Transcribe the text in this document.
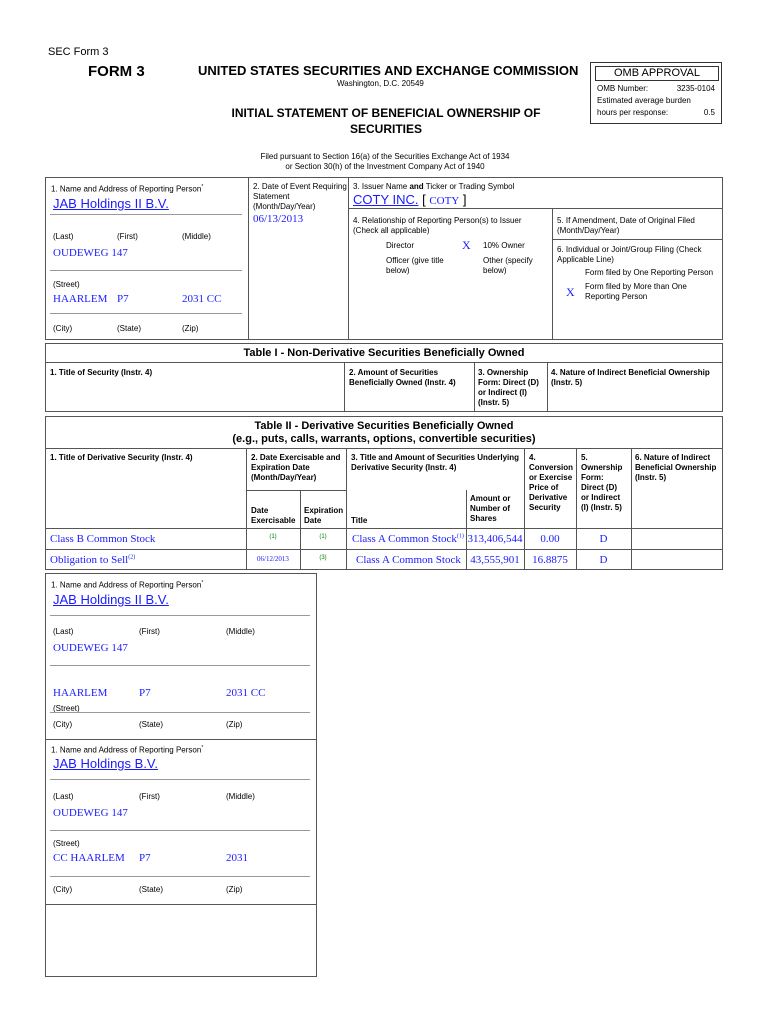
SEC Form 3
FORM 3	UNITED STATES SECURITIES AND EXCHANGE COMMISSION
Washington, D.C. 20549
INITIAL STATEMENT OF BENEFICIAL OWNERSHIP OF
SECURITIES
Filed pursuant to Section 16(a) of the Securities Exchange Act of 1934
or Section 30(h) of the Investment Company Act of 1940
OMB APPROVAL
OMB Number:	3235-0104
Estimated average burden
hours per response:	0.5
1. Name and Address of Reporting Person*
JAB Holdings II B.V.
(Last)	(First)	(Middle)
OUDEWEG 147
(Street)
HAARLEM P7	2031 CC
(City)	(State)	(Zip)
2. Date of Event Requiring
Statement
(Month/Day/Year)
06/13/2013
3. Issuer Name and Ticker or Trading Symbol
COTY INC. [ COTY ]
4. Relationship of Reporting Person(s) to Issuer
(Check all applicable)
Director	X 10% Owner
Officer (give title
below)
Other (specify
below)
5. If Amendment, Date of Original Filed
(Month/Day/Year)
6. Individual or Joint/Group Filing (Check
Applicable Line)
Form filed by One Reporting Person
X Form filed by More than One
Reporting Person
Table I - Non-Derivative Securities Beneficially Owned
1. Title of Security (Instr. 4)	2. Amount of Securities
Beneficially Owned (Instr. 4)
3. Ownership
Form: Direct (D)
or Indirect (I)
(Instr. 5)
4. Nature of Indirect Beneficial Ownership
(Instr. 5)
Table II - Derivative Securities Beneficially Owned
(e.g., puts, calls, warrants, options, convertible securities)
1. Title of Derivative Security (Instr. 4)	2. Date Exercisable and
Expiration Date
(Month/Day/Year)
Date
Exercisable
Expiration
Date
3. Title and Amount of Securities Underlying
Derivative Security (Instr. 4)
Title
Amount or
Number of
Shares
4.
Conversion
or Exercise
Price of
Derivative
Security
5.
Ownership
Form:
Direct (D)
or Indirect
(I) (Instr. 5)
6. Nature of Indirect
Beneficial Ownership
(Instr. 5)
Class B Common Stock	(1)	(1)	Class A Common Stock$^{(1)}$ 313,406,544	0.00	D
Obligation to Sell$^{(2)}$	06/12/2013	(3)	Class A Common Stock 43,555,901	16.8875	D
1. Name and Address of Reporting Person*
JAB Holdings II B.V.
(Last)	(First)	(Middle)
OUDEWEG 147
(Street)
HAARLEM	P7	2031 CC
(City)	(State)	(Zip)
1. Name and Address of Reporting Person*
JAB Holdings B.V.
(Last)	(First)	(Middle)
OUDEWEG 147
(Street)
CC HAARLEM P7	2031
(City)	(State)	(Zip)
